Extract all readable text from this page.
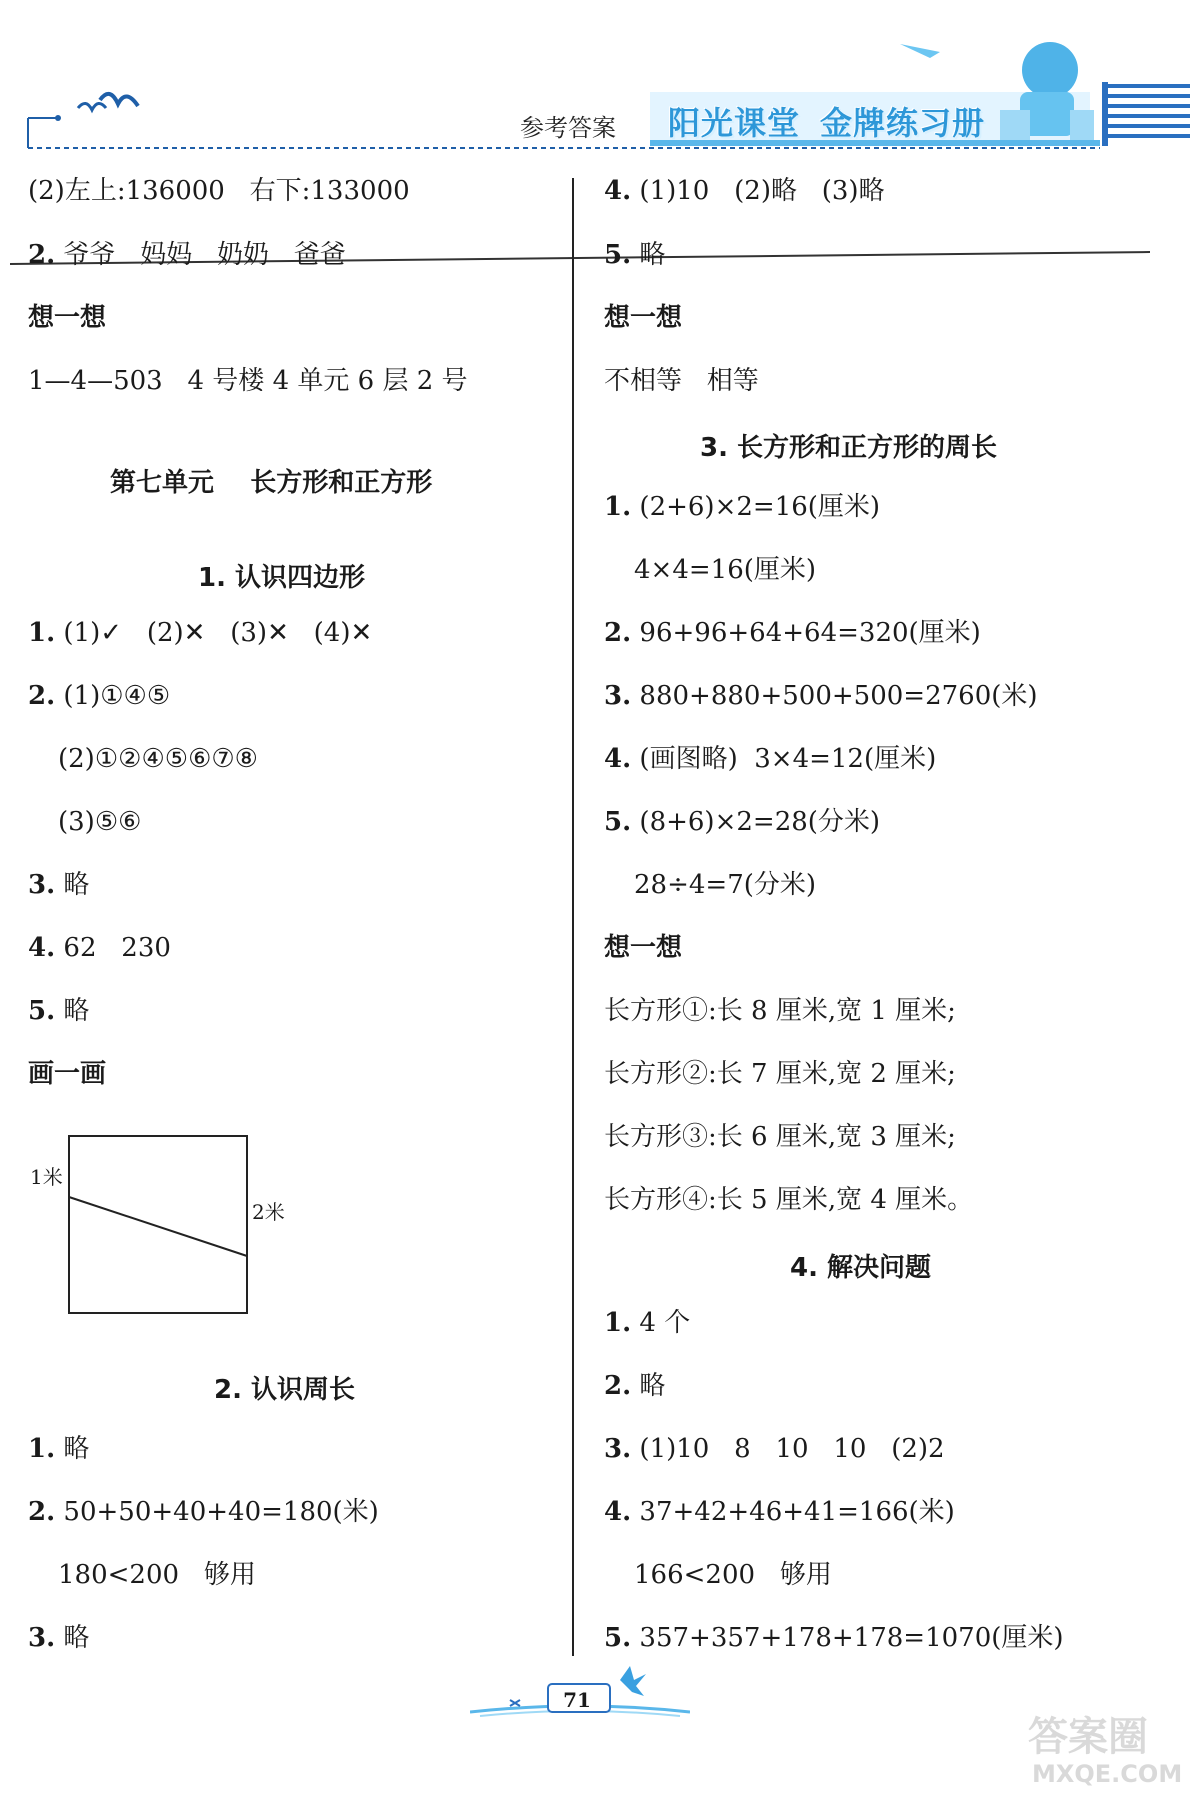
参考答案 阳光课堂 金牌练习册
(2)左上:136000   右下:133000
2. 爷爷   妈妈   奶奶   爸爸
想一想
1—4—503   4 号楼 4 单元 6 层 2 号
第七单元    长方形和正方形
1. 认识四边形
1. (1)✓   (2)✕   (3)✕   (4)✕
2. (1)①④⑤
(2)①②④⑤⑥⑦⑧
(3)⑤⑥
3. 略
4. 62   230
5. 略
画一画
1米
2米
2. 认识周长
1. 略
2. 50+50+40+40=180(米)
180<200   够用
3. 略
4. (1)10   (2)略   (3)略
5. 略
想一想
不相等   相等
3. 长方形和正方形的周长
1. (2+6)×2=16(厘米)
4×4=16(厘米)
2. 96+96+64+64=320(厘米)
3. 880+880+500+500=2760(米)
4. (画图略)  3×4=12(厘米)
5. (8+6)×2=28(分米)
28÷4=7(分米)
想一想
长方形①:长 8 厘米,宽 1 厘米;
长方形②:长 7 厘米,宽 2 厘米;
长方形③:长 6 厘米,宽 3 厘米;
长方形④:长 5 厘米,宽 4 厘米。
4. 解决问题
1. 4 个
2. 略
3. (1)10   8   10   10   (2)2
4. 37+42+46+41=166(米)
166<200   够用
5. 357+357+178+178=1070(厘米)
71
答案圈
MXQE.COM
